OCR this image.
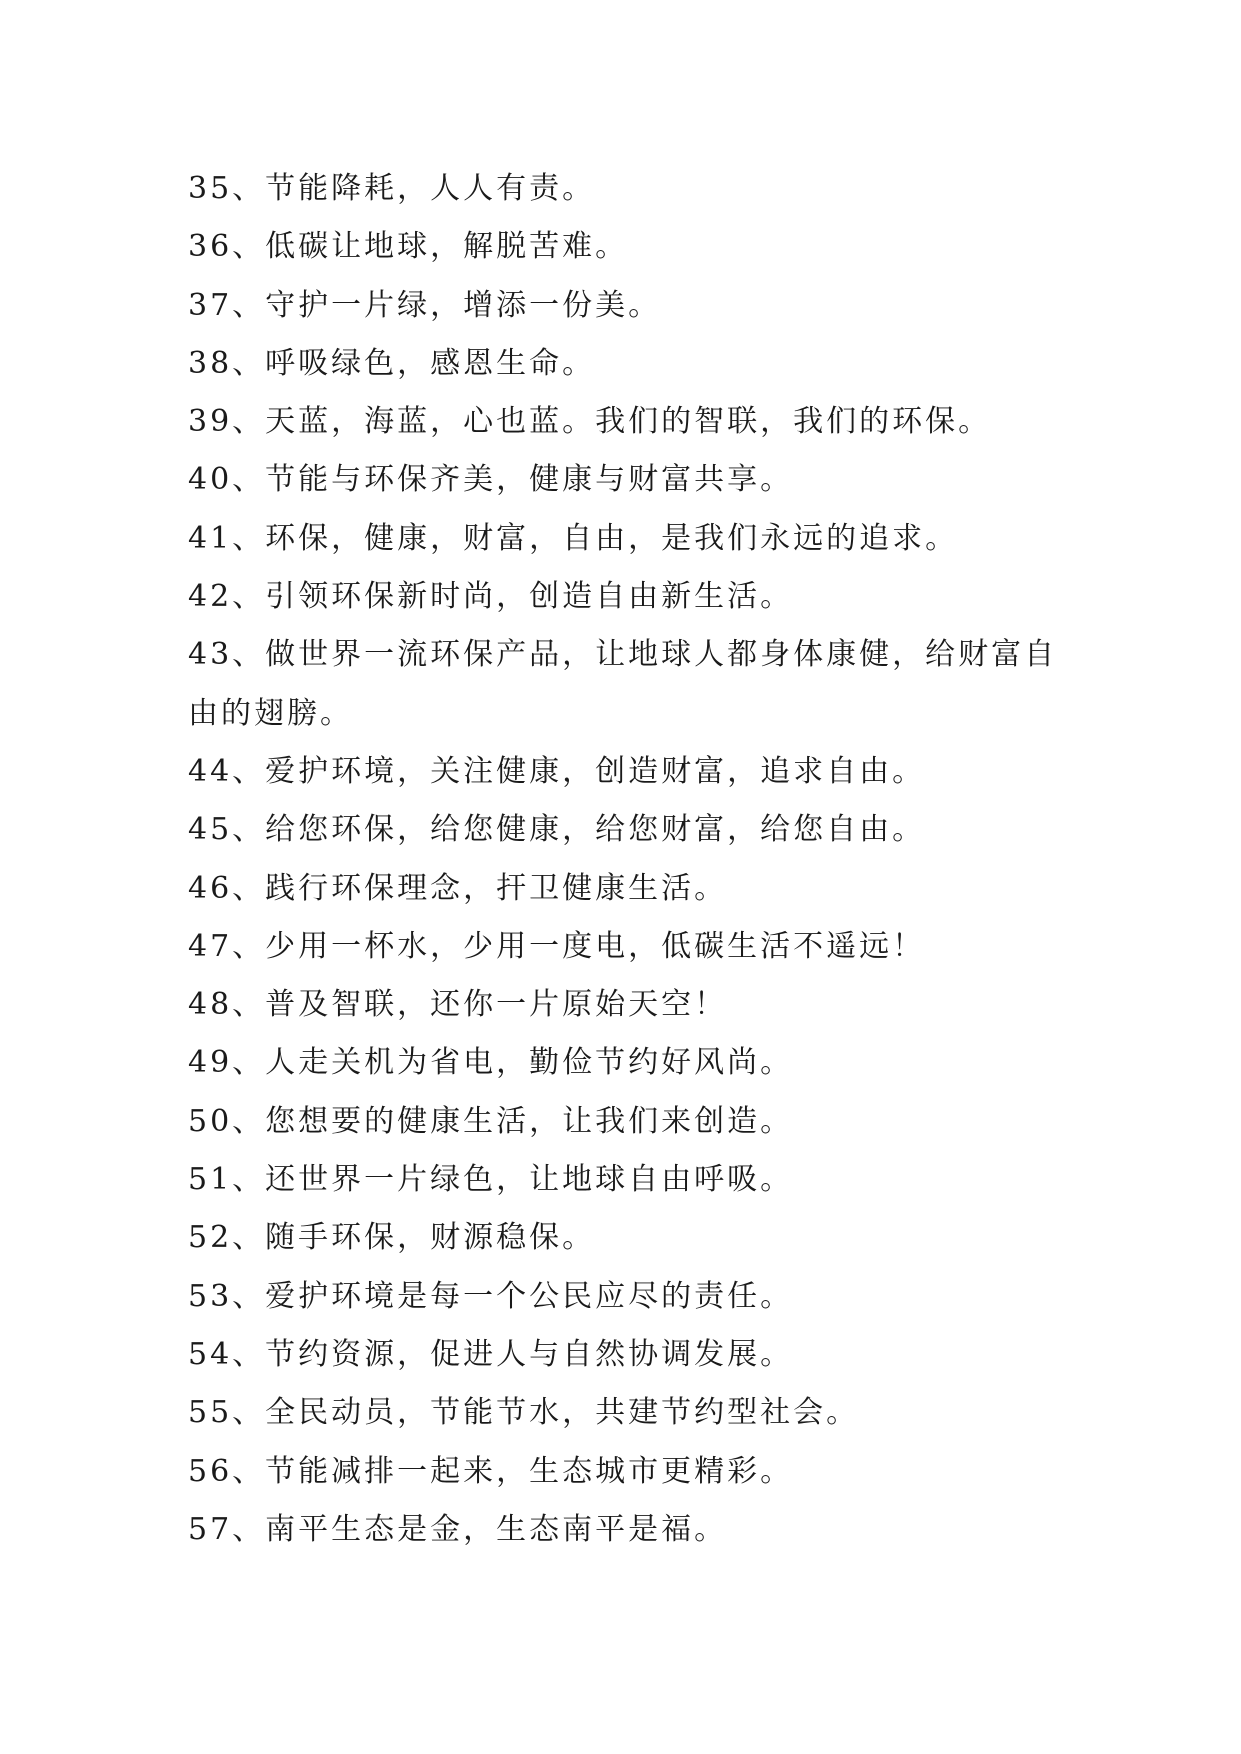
35、节能降耗，人人有责。

36、低碳让地球，解脱苦难。

37、守护一片绿，增添一份美。

38、呼吸绿色，感恩生命。

39、天蓝，海蓝，心也蓝。我们的智联，我们的环保。

40、节能与环保齐美，健康与财富共享。

41、环保，健康，财富，自由，是我们永远的追求。

42、引领环保新时尚，创造自由新生活。

43、做世界一流环保产品，让地球人都身体康健，给财富自

由的翅膀。

44、爱护环境，关注健康，创造财富，追求自由。

45、给您环保，给您健康，给您财富，给您自由。

46、践行环保理念，扞卫健康生活。

47、少用一杯水，少用一度电，低碳生活不遥远！

48、普及智联，还你一片原始天空！

49、人走关机为省电，勤俭节约好风尚。

50、您想要的健康生活，让我们来创造。

51、还世界一片绿色，让地球自由呼吸。

52、随手环保，财源稳保。

53、爱护环境是每一个公民应尽的责任。

54、节约资源，促进人与自然协调发展。

55、全民动员，节能节水，共建节约型社会。

56、节能减排一起来，生态城市更精彩。

57、南平生态是金，生态南平是福。
